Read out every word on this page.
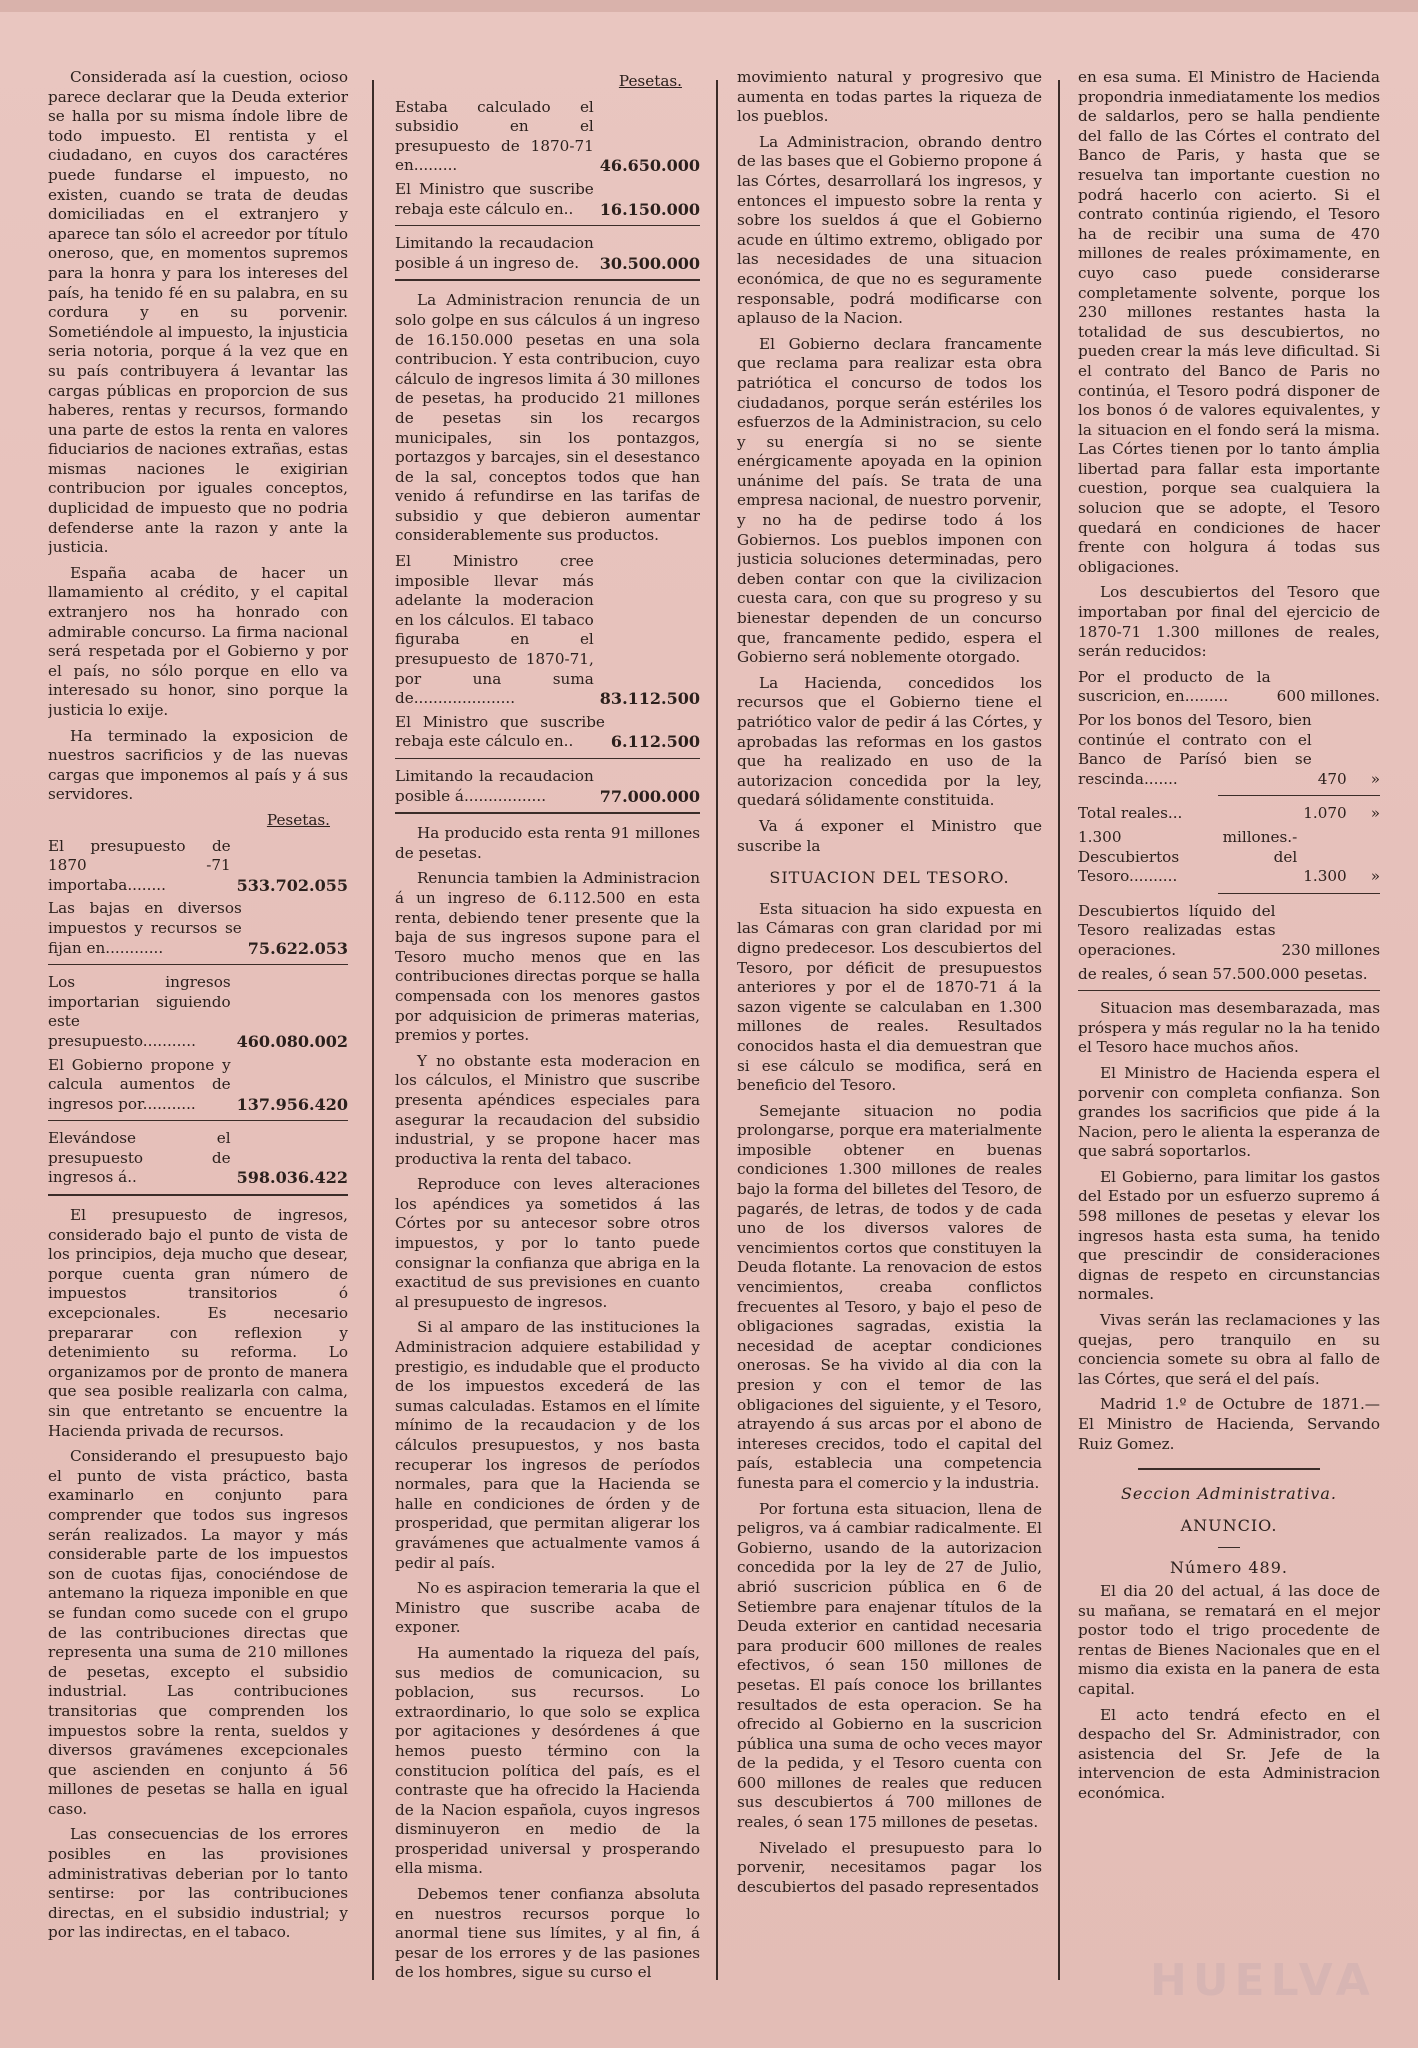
Considerada así la cuestion, ocioso parece declarar que la Deuda exterior se halla por su misma índole libre de todo impuesto. El rentista y el ciudadano, en cuyos dos caractéres puede fundarse el impuesto, no existen, cuando se trata de deudas domiciliadas en el extranjero y aparece tan sólo el acreedor por título oneroso, que, en momentos supremos para la honra y para los intereses del país, ha tenido fé en su palabra, en su cordura y en su porvenir. Sometiéndole al impuesto, la injusticia seria notoria, porque á la vez que en su país contribuyera á levantar las cargas públicas en proporcion de sus haberes, rentas y recursos, formando una parte de estos la renta en valores fiduciarios de naciones extrañas, estas mismas naciones le exigirian contribucion por iguales conceptos, duplicidad de impuesto que no podria defenderse ante la razon y ante la justicia.

España acaba de hacer un llamamiento al crédito, y el capital extranjero nos ha honrado con admirable concurso. La firma nacional será respetada por el Gobierno y por el país, no sólo porque en ello va interesado su honor, sino porque la justicia lo exije.

Ha terminado la exposicion de nuestros sacrificios y de las nuevas cargas que imponemos al país y á sus servidores.

Pesetas.

El presupuesto de 1870 -71 importaba........	533.702.055
Las bajas en diversos impuestos y recursos se fijan en............	75.622.053
Los ingresos importarian siguiendo este presupuesto...........	460.080.002
El Gobierno propone y calcula aumentos de ingresos por...........	137.956.420
Elevándose el presupuesto de ingresos á..	598.036.422

El presupuesto de ingresos, considerado bajo el punto de vista de los principios, deja mucho que desear, porque cuenta gran número de impuestos transitorios ó excepcionales. Es necesario prepararar con reflexion y detenimiento su reforma. Lo organizamos por de pronto de manera que sea posible realizarla con calma, sin que entretanto se encuentre la Hacienda privada de recursos.

Considerando el presupuesto bajo el punto de vista práctico, basta examinarlo en conjunto para comprender que todos sus ingresos serán realizados. La mayor y más considerable parte de los impuestos son de cuotas fijas, conociéndose de antemano la riqueza imponible en que se fundan como sucede con el grupo de las contribuciones directas que representa una suma de 210 millones de pesetas, excepto el subsidio industrial. Las contribuciones transitorias que comprenden los impuestos sobre la renta, sueldos y diversos gravámenes excepcionales que ascienden en conjunto á 56 millones de pesetas se halla en igual caso.

Las consecuencias de los errores posibles en las provisiones administrativas deberian por lo tanto sentirse: por las contribuciones directas, en el subsidio industrial; y por las indirectas, en el tabaco.

Pesetas.

Estaba calculado el subsidio en el presupuesto de 1870-71 en.........	46.650.000
El Ministro que suscribe rebaja este cálculo en..	16.150.000
Limitando la recaudacion posible á un ingreso de.	30.500.000

La Administracion renuncia de un solo golpe en sus cálculos á un ingreso de 16.150.000 pesetas en una sola contribucion. Y esta contribucion, cuyo cálculo de ingresos limita á 30 millones de pesetas, ha producido 21 millones de pesetas sin los recargos municipales, sin los pontazgos, portazgos y barcajes, sin el desestanco de la sal, conceptos todos que han venido á refundirse en las tarifas de subsidio y que debieron aumentar considerablemente sus productos.

El Ministro cree imposible llevar más adelante la moderacion en los cálculos. El tabaco figuraba en el presupuesto de 1870-71, por una suma de.....................	83.112.500
El Ministro que suscribe rebaja este cálculo en..	6.112.500
Limitando la recaudacion posible á.................	77.000.000

Ha producido esta renta 91 millones de pesetas.

Renuncia tambien la Administracion á un ingreso de 6.112.500 en esta renta, debiendo tener presente que la baja de sus ingresos supone para el Tesoro mucho menos que en las contribuciones directas porque se halla compensada con los menores gastos por adquisicion de primeras materias, premios y portes.

Y no obstante esta moderacion en los cálculos, el Ministro que suscribe presenta apéndices especiales para asegurar la recaudacion del subsidio industrial, y se propone hacer mas productiva la renta del tabaco.

Reproduce con leves alteraciones los apéndices ya sometidos á las Córtes por su antecesor sobre otros impuestos, y por lo tanto puede consignar la confianza que abriga en la exactitud de sus previsiones en cuanto al presupuesto de ingresos.

Si al amparo de las instituciones la Administracion adquiere estabilidad y prestigio, es indudable que el producto de los impuestos excederá de las sumas calculadas. Estamos en el límite mínimo de la recaudacion y de los cálculos presupuestos, y nos basta recuperar los ingresos de períodos normales, para que la Hacienda se halle en condiciones de órden y de prosperidad, que permitan aligerar los gravámenes que actualmente vamos á pedir al país.

No es aspiracion temeraria la que el Ministro que suscribe acaba de exponer.

Ha aumentado la riqueza del país, sus medios de comunicacion, su poblacion, sus recursos. Lo extraordinario, lo que solo se explica por agitaciones y desórdenes á que hemos puesto término con la constitucion política del país, es el contraste que ha ofrecido la Hacienda de la Nacion española, cuyos ingresos disminuyeron en medio de la prosperidad universal y prosperando ella misma.

Debemos tener confianza absoluta en nuestros recursos porque lo anormal tiene sus límites, y al fin, á pesar de los errores y de las pasiones de los hombres, sigue su curso el

movimiento natural y progresivo que aumenta en todas partes la riqueza de los pueblos.

La Administracion, obrando dentro de las bases que el Gobierno propone á las Córtes, desarrollará los ingresos, y entonces el impuesto sobre la renta y sobre los sueldos á que el Gobierno acude en último extremo, obligado por las necesidades de una situacion económica, de que no es seguramente responsable, podrá modificarse con aplauso de la Nacion.

El Gobierno declara francamente que reclama para realizar esta obra patriótica el concurso de todos los ciudadanos, porque serán estériles los esfuerzos de la Administracion, su celo y su energía si no se siente enérgicamente apoyada en la opinion unánime del país. Se trata de una empresa nacional, de nuestro porvenir, y no ha de pedirse todo á los Gobiernos. Los pueblos imponen con justicia soluciones determinadas, pero deben contar con que la civilizacion cuesta cara, con que su progreso y su bienestar dependen de un concurso que, francamente pedido, espera el Gobierno será noblemente otorgado.

La Hacienda, concedidos los recursos que el Gobierno tiene el patriótico valor de pedir á las Córtes, y aprobadas las reformas en los gastos que ha realizado en uso de la autorizacion concedida por la ley, quedará sólidamente constituida.

Va á exponer el Ministro que suscribe la

SITUACION DEL TESORO.

Esta situacion ha sido expuesta en las Cámaras con gran claridad por mi digno predecesor. Los descubiertos del Tesoro, por déficit de presupuestos anteriores y por el de 1870-71 á la sazon vigente se calculaban en 1.300 millones de reales. Resultados conocidos hasta el dia demuestran que si ese cálculo se modifica, será en beneficio del Tesoro.

Semejante situacion no podia prolongarse, porque era materialmente imposible obtener en buenas condiciones 1.300 millones de reales bajo la forma del billetes del Tesoro, de pagarés, de letras, de todos y de cada uno de los diversos valores de vencimientos cortos que constituyen la Deuda flotante. La renovacion de estos vencimientos, creaba conflictos frecuentes al Tesoro, y bajo el peso de obligaciones sagradas, existia la necesidad de aceptar condiciones onerosas. Se ha vivido al dia con la presion y con el temor de las obligaciones del siguiente, y el Tesoro, atrayendo á sus arcas por el abono de intereses crecidos, todo el capital del país, establecia una competencia funesta para el comercio y la industria.

Por fortuna esta situacion, llena de peligros, va á cambiar radicalmente. El Gobierno, usando de la autorizacion concedida por la ley de 27 de Julio, abrió suscricion pública en 6 de Setiembre para enajenar títulos de la Deuda exterior en cantidad necesaria para producir 600 millones de reales efectivos, ó sean 150 millones de pesetas. El país conoce los brillantes resultados de esta operacion. Se ha ofrecido al Gobierno en la suscricion pública una suma de ocho veces mayor de la pedida, y el Tesoro cuenta con 600 millones de reales que reducen sus descubiertos á 700 millones de reales, ó sean 175 millones de pesetas.

Nivelado el presupuesto para lo porvenir, necesitamos pagar los descubiertos del pasado representados

en esa suma. El Ministro de Hacienda propondria inmediatamente los medios de saldarlos, pero se halla pendiente del fallo de las Córtes el contrato del Banco de Paris, y hasta que se resuelva tan importante cuestion no podrá hacerlo con acierto. Si el contrato continúa rigiendo, el Tesoro ha de recibir una suma de 470 millones de reales próximamente, en cuyo caso puede considerarse completamente solvente, porque los 230 millones restantes hasta la totalidad de sus descubiertos, no pueden crear la más leve dificultad. Si el contrato del Banco de Paris no continúa, el Tesoro podrá disponer de los bonos ó de valores equivalentes, y la situacion en el fondo será la misma. Las Córtes tienen por lo tanto ámplia libertad para fallar esta importante cuestion, porque sea cualquiera la solucion que se adopte, el Tesoro quedará en condiciones de hacer frente con holgura á todas sus obligaciones.

Los descubiertos del Tesoro que importaban por final del ejercicio de 1870-71 1.300 millones de reales, serán reducidos:

Por el producto de la suscricion, en.........	600 millones.
Por los bonos del Tesoro, bien continúe el contrato con el Banco de Parísó bien se rescinda.......	470 »
Total reales...	1.070 »
1.300 millones.- Descubiertos del Tesoro..........	1.300 »
Descubiertos líquido del Tesoro realizadas estas operaciones.	230 millones

de reales, ó sean 57.500.000 pesetas.

Situacion mas desembarazada, mas próspera y más regular no la ha tenido el Tesoro hace muchos años.

El Ministro de Hacienda espera el porvenir con completa confianza. Son grandes los sacrificios que pide á la Nacion, pero le alienta la esperanza de que sabrá soportarlos.

El Gobierno, para limitar los gastos del Estado por un esfuerzo supremo á 598 millones de pesetas y elevar los ingresos hasta esta suma, ha tenido que prescindir de consideraciones dignas de respeto en circunstancias normales.

Vivas serán las reclamaciones y las quejas, pero tranquilo en su conciencia somete su obra al fallo de las Córtes, que será el del país.

Madrid 1.º de Octubre de 1871.— El Ministro de Hacienda, Servando Ruiz Gomez.

Seccion Administrativa.

ANUNCIO.

Número 489.

El dia 20 del actual, á las doce de su mañana, se rematará en el mejor postor todo el trigo procedente de rentas de Bienes Nacionales que en el mismo dia exista en la panera de esta capital.

El acto tendrá efecto en el despacho del Sr. Administrador, con asistencia del Sr. Jefe de la intervencion de esta Administracion económica.

HUELVA
